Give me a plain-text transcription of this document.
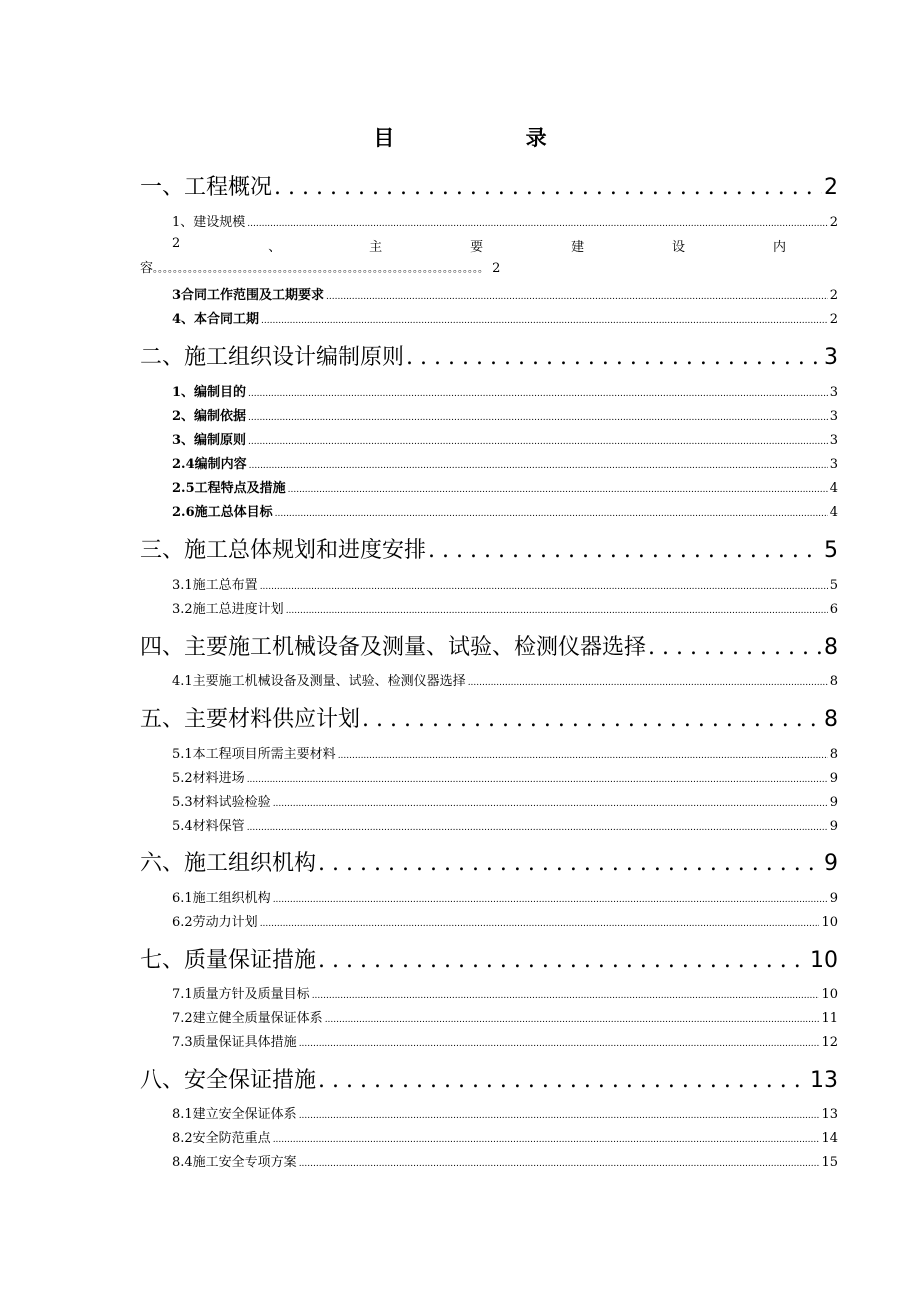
目 录
一、工程概况 .....	2
1、建设规模 .....	2
2	、	主	要	建	设	内
容。。。。。。。。。。。。。。。。。。。。。。。。。。。。。。。。。。。。。。。。。。。。。。。。。。。。。。。。。。。。。。。。。。 2
3合同工作范围及工期要求 .....	2
4、本合同工期 .....	2
二、施工组织设计编制原则 .....	3
1、编制目的 .....	3
2、编制依据 .....	3
3、编制原则 .....	3
2.4编制内容 .....	3
2.5工程特点及措施 .....	4
2.6施工总体目标 .....	4
三、施工总体规划和进度安排 .....	5
3.1施工总布置 .....	5
3.2施工总进度计划 .....	6
四、主要施工机械设备及测量、试验、检测仪器选择 .....	8
4.1主要施工机械设备及测量、试验、检测仪器选择 .....	8
五、主要材料供应计划 .....	8
5.1本工程项目所需主要材料 .....	8
5.2材料进场 .....	9
5.3材料试验检验 .....	9
5.4材料保管 .....	9
六、施工组织机构 .....	9
6.1施工组织机构 .....	9
6.2劳动力计划 .....	10
七、质量保证措施 .....	10
7.1质量方针及质量目标 .....	10
7.2建立健全质量保证体系 .....	11
7.3质量保证具体措施 .....	12
八、安全保证措施 .....	13
8.1建立安全保证体系 .....	13
8.2安全防范重点 .....	14
8.4施工安全专项方案 .....	15
